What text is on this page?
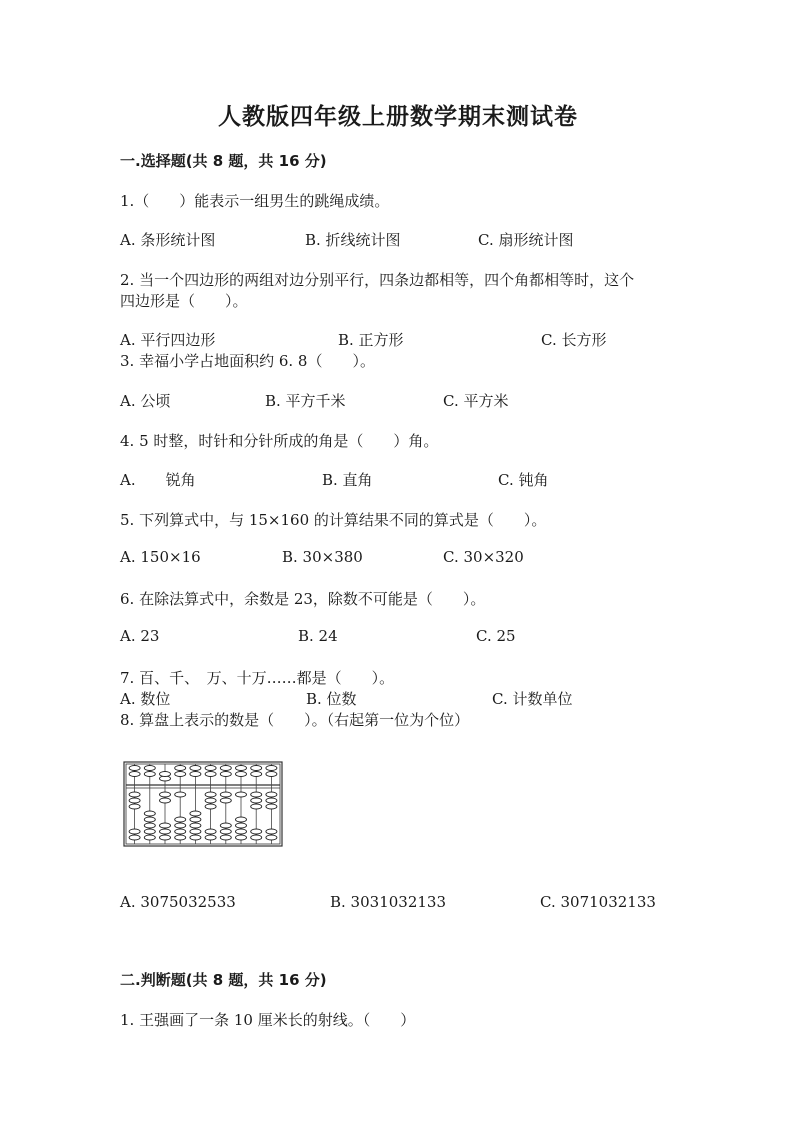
人教版四年级上册数学期末测试卷
一.选择题(共 8 题，共 16 分)
1.（　　）能表示一组男生的跳绳成绩。
A. 条形统计图	B. 折线统计图	C. 扇形统计图
2. 当一个四边形的两组对边分别平行，四条边都相等，四个角都相等时，这个
四边形是（　　）。
A. 平行四边形	B. 正方形	C. 长方形
3. 幸福小学占地面积约 6. 8（　　）。
A. 公顷	B. 平方千米	C. 平方米
4. 5 时整，时针和分针所成的角是（　　）角。
A.　　锐角	B. 直角	C. 钝角
5. 下列算式中，与 15×160 的计算结果不同的算式是（　　）。
A. 150×16	B. 30×380	C. 30×320
6. 在除法算式中，余数是 23，除数不可能是（　　）。
A. 23	B. 24	C. 25
7. 百、千、　万、十万……都是（　　）。
A. 数位	B. 位数	C. 计数单位
8. 算盘上表示的数是（　　）。（右起第一位为个位）
A. 3075032533	B. 3031032133	C. 3071032133
二.判断题(共 8 题，共 16 分)
1. 王强画了一条 10 厘米长的射线。（　　）
